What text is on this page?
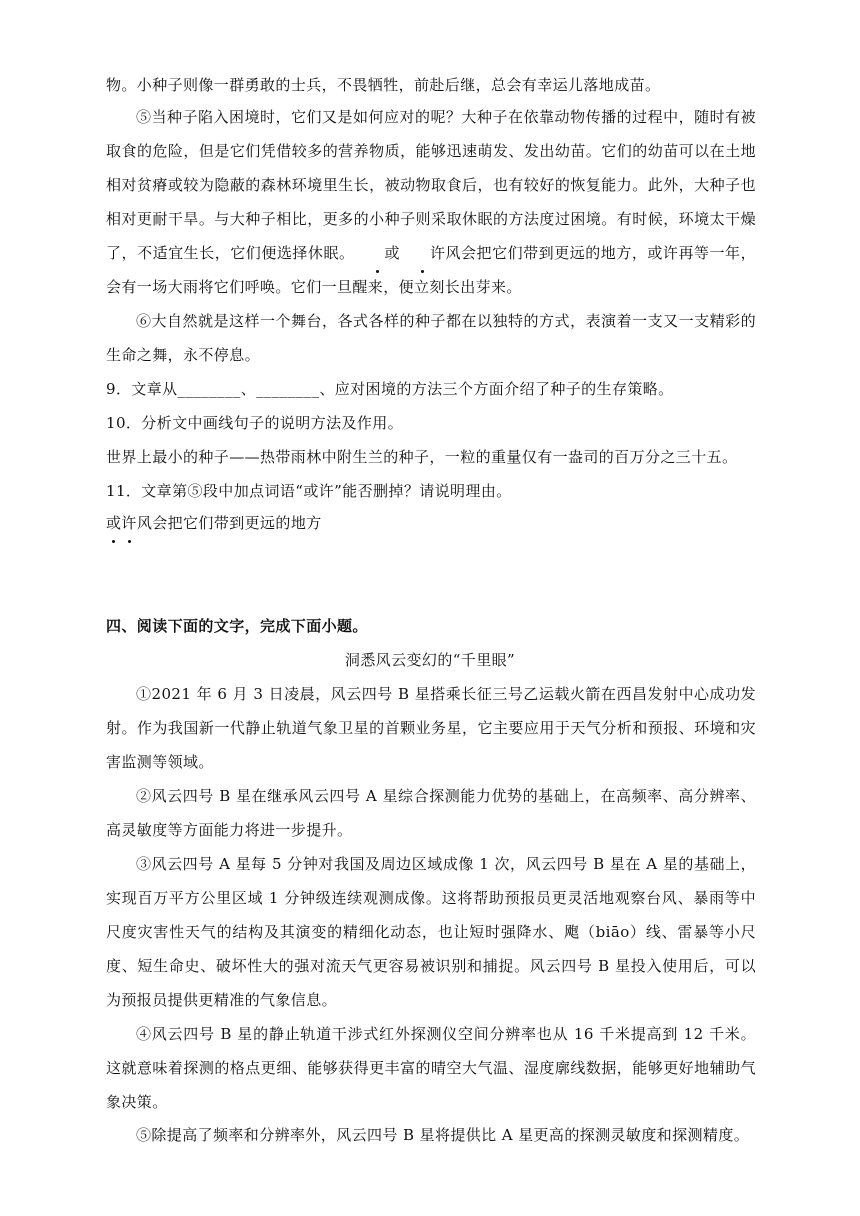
物。小种子则像一群勇敢的士兵，不畏牺牲，前赴后继，总会有幸运儿落地成苗。
⑤当种子陷入困境时，它们又是如何应对的呢？大种子在依靠动物传播的过程中，随时有被取食的危险，但是它们凭借较多的营养物质，能够迅速萌发、发出幼苗。它们的幼苗可以在土地相对贫瘠或较为隐蔽的森林环境里生长，被动物取食后，也有较好的恢复能力。此外，大种子也相对更耐干旱。与大种子相比，更多的小种子则采取休眠的方法度过困境。有时候，环境太干燥了，不适宜生长，它们便选择休眠。 或 许风会把它们带到更远的地方，或许再等一年，会有一场大雨将它们呼唤。它们一旦醒来，便立刻长出芽来。
⑥大自然就是这样一个舞台，各式各样的种子都在以独特的方式，表演着一支又一支精彩的生命之舞，永不停息。
9．文章从________、________、应对困境的方法三个方面介绍了种子的生存策略。
10．分析文中画线句子的说明方法及作用。
世界上最小的种子——热带雨林中附生兰的种子，一粒的重量仅有一盎司的百万分之三十五。
11．文章第⑤段中加点词语“或许”能否删掉？请说明理由。
或许风会把它们带到更远的地方
四、阅读下面的文字，完成下面小题。
洞悉风云变幻的“千里眼”
①2021 年 6 月 3 日凌晨，风云四号 B 星搭乘长征三号乙运载火箭在西昌发射中心成功发射。作为我国新一代静止轨道气象卫星的首颗业务星，它主要应用于天气分析和预报、环境和灾害监测等领域。
②风云四号 B 星在继承风云四号 A 星综合探测能力优势的基础上，在高频率、高分辨率、高灵敏度等方面能力将进一步提升。
③风云四号 A 星每 5 分钟对我国及周边区域成像 1 次，风云四号 B 星在 A 星的基础上，实现百万平方公里区域 1 分钟级连续观测成像。这将帮助预报员更灵活地观察台风、暴雨等中尺度灾害性天气的结构及其演变的精细化动态，也让短时强降水、飑（biāo）线、雷暴等小尺度、短生命史、破坏性大的强对流天气更容易被识别和捕捉。风云四号 B 星投入使用后，可以为预报员提供更精准的气象信息。
④风云四号 B 星的静止轨道干涉式红外探测仪空间分辨率也从 16 千米提高到 12 千米。这就意味着探测的格点更细、能够获得更丰富的晴空大气温、湿度廓线数据，能够更好地辅助气象决策。
⑤除提高了频率和分辨率外，风云四号 B 星将提供比 A 星更高的探测灵敏度和探测精度。
